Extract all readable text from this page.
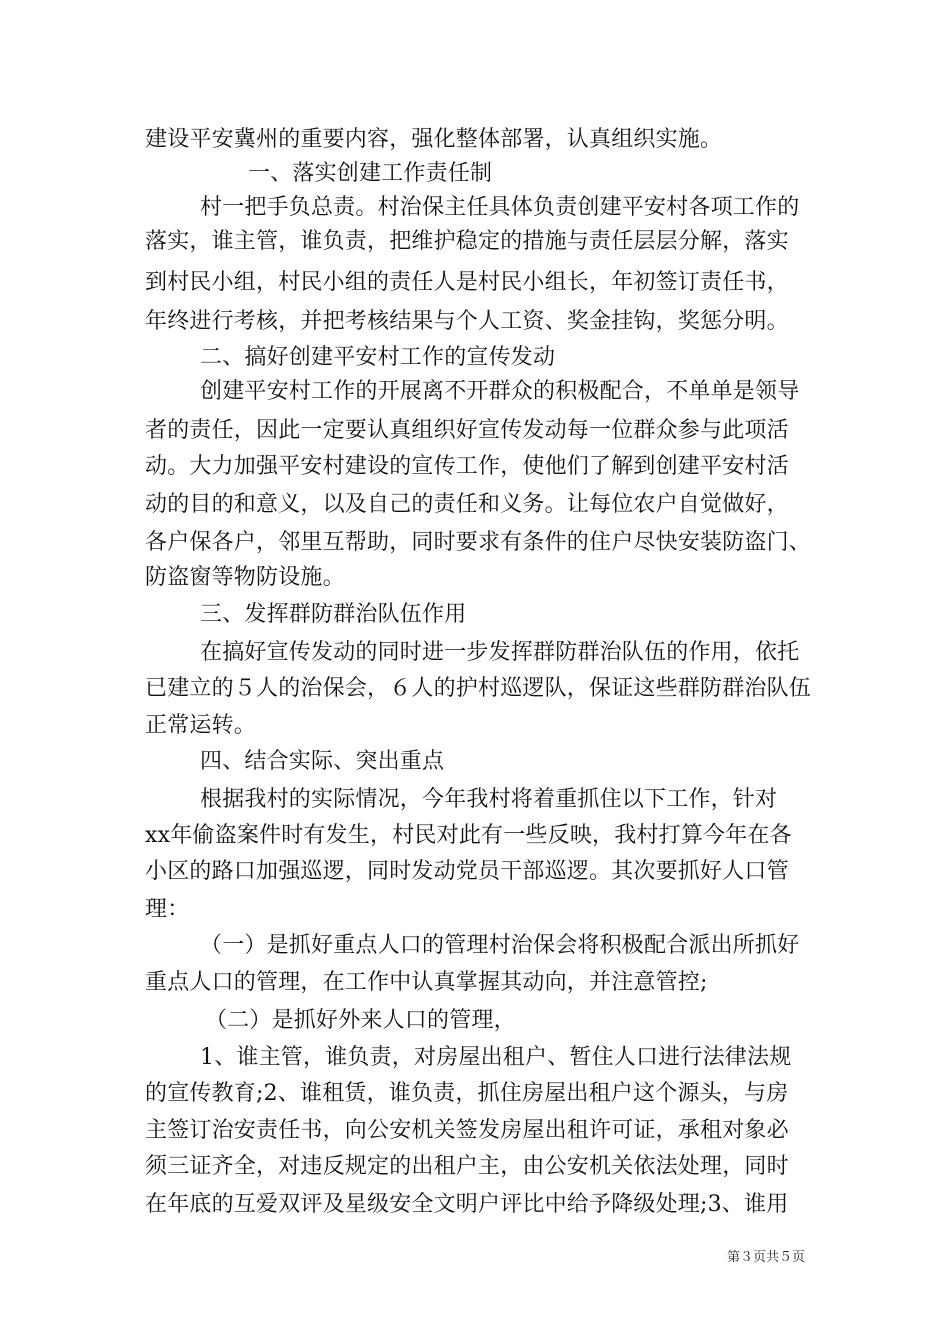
建设平安冀州的重要内容，强化整体部署，认真组织实施。
一、落实创建工作责任制
村一把手负总责。村治保主任具体负责创建平安村各项工作的
落实，谁主管，谁负责，把维护稳定的措施与责任层层分解，落实
到村民小组，村民小组的责任人是村民小组长，年初签订责任书，
年终进行考核，并把考核结果与个人工资、奖金挂钩，奖惩分明。
二、搞好创建平安村工作的宣传发动
创建平安村工作的开展离不开群众的积极配合，不单单是领导
者的责任，因此一定要认真组织好宣传发动每一位群众参与此项活
动。大力加强平安村建设的宣传工作，使他们了解到创建平安村活
动的目的和意义，以及自己的责任和义务。让每位农户自觉做好，
各户保各户，邻里互帮助，同时要求有条件的住户尽快安装防盗门、
防盗窗等物防设施。
三、发挥群防群治队伍作用
在搞好宣传发动的同时进一步发挥群防群治队伍的作用，依托
已建立的５人的治保会，６人的护村巡逻队，保证这些群防群治队伍
正常运转。
四、结合实际、突出重点
根据我村的实际情况，今年我村将着重抓住以下工作，针对
xx年偷盗案件时有发生，村民对此有一些反映，我村打算今年在各
小区的路口加强巡逻，同时发动党员干部巡逻。其次要抓好人口管
理：
（一）是抓好重点人口的管理村治保会将积极配合派出所抓好
重点人口的管理，在工作中认真掌握其动向，并注意管控;
（二）是抓好外来人口的管理，
1、谁主管，谁负责，对房屋出租户、暂住人口进行法律法规
的宣传教育;2、谁租赁，谁负责，抓住房屋出租户这个源头，与房
主签订治安责任书，向公安机关签发房屋出租许可证，承租对象必
须三证齐全，对违反规定的出租户主，由公安机关依法处理，同时
在年底的互爱双评及星级安全文明户评比中给予降级处理;3、谁用
第３页共５页
